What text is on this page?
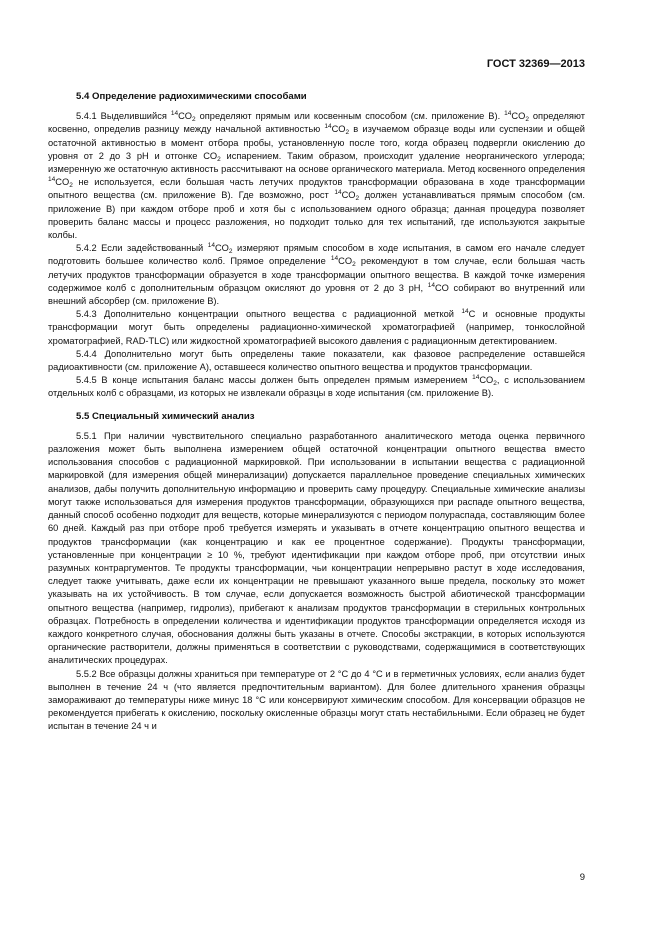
ГОСТ 32369—2013
5.4 Определение радиохимическими способами

5.4.1 Выделившийся $^{14}CO_2$ определяют прямым или косвенным способом (см. приложение В). $^{14}CO_2$ определяют косвенно, определив разницу между начальной активностью $^{14}CO_2$ в изучаемом образце воды или суспензии и общей остаточной активностью в момент отбора пробы, установленную после того, когда образец подвергли окислению до уровня от 2 до 3 pH и отгонке $CO_2$ испарением. Таким образом, происходит удаление неорганического углерода; измеренную же остаточную активность рассчитывают на основе органического материала. Метод косвенного определения $^{14}CO_2$ не используется, если большая часть летучих продуктов трансформации образована в ходе трансформации опытного вещества (см. приложение В). Где возможно, рост $^{14}CO_2$ должен устанавливаться прямым способом (см. приложение В) при каждом отборе проб и хотя бы с использованием одного образца; данная процедура позволяет проверить баланс массы и процесс разложения, но подходит только для тех испытаний, где используются закрытые колбы.

5.4.2 Если задействованный $^{14}CO_2$ измеряют прямым способом в ходе испытания, в самом его начале следует подготовить большее количество колб. Прямое определение $^{14}CO_2$ рекомендуют в том случае, если большая часть летучих продуктов трансформации образуется в ходе трансформации опытного вещества. В каждой точке измерения содержимое колб с дополнительным образцом окисляют до уровня от 2 до 3 pH, $^{14}$CO собирают во внутренний или внешний абсорбер (см. приложение В).

5.4.3 Дополнительно концентрации опытного вещества с радиационной меткой $^{14}$C и основные продукты трансформации могут быть определены радиационно-химической хроматографией (например, тонкослойной хроматографией, RAD-TLC) или жидкостной хроматографией высокого давления с радиационным детектированием.

5.4.4 Дополнительно могут быть определены такие показатели, как фазовое распределение оставшейся радиоактивности (см. приложение А), оставшееся количество опытного вещества и продуктов трансформации.

5.4.5 В конце испытания баланс массы должен быть определен прямым измерением $^{14}CO_2$, с использованием отдельных колб с образцами, из которых не извлекали образцы в ходе испытания (см. приложение В).

5.5 Специальный химический анализ

5.5.1 При наличии чувствительного специально разработанного аналитического метода оценка первичного разложения может быть выполнена измерением общей остаточной концентрации опытного вещества вместо использования способов с радиационной маркировкой. При использовании в испытании вещества с радиационной маркировкой (для измерения общей минерализации) допускается параллельное проведение специальных химических анализов, дабы получить дополнительную информацию и проверить саму процедуру. Специальные химические анализы могут также использоваться для измерения продуктов трансформации, образующихся при распаде опытного вещества, данный способ особенно подходит для веществ, которые минерализуются с периодом полураспада, составляющим более 60 дней. Каждый раз при отборе проб требуется измерять и указывать в отчете концентрацию опытного вещества и продуктов трансформации (как концентрацию и как ее процентное содержание). Продукты трансформации, установленные при концентрации ≥ 10 %, требуют идентификации при каждом отборе проб, при отсутствии иных разумных контраргументов. Те продукты трансформации, чьи концентрации непрерывно растут в ходе исследования, следует также учитывать, даже если их концентрации не превышают указанного выше предела, поскольку это может указывать на их устойчивость. В том случае, если допускается возможность быстрой абиотической трансформации опытного вещества (например, гидролиз), прибегают к анализам продуктов трансформации в стерильных контрольных образцах. Потребность в определении количества и идентификации продуктов трансформации определяется исходя из каждого конкретного случая, обоснования должны быть указаны в отчете. Способы экстракции, в которых используются органические растворители, должны применяться в соответствии с руководствами, содержащимися в соответствующих аналитических процедурах.

5.5.2 Все образцы должны храниться при температуре от 2 °С до 4 °С и в герметичных условиях, если анализ будет выполнен в течение 24 ч (что является предпочтительным вариантом). Для более длительного хранения образцы замораживают до температуры ниже минус 18 °С или консервируют химическим способом. Для консервации образцов не рекомендуется прибегать к окислению, поскольку окисленные образцы могут стать нестабильными. Если образец не будет испытан в течение 24 ч и

9
